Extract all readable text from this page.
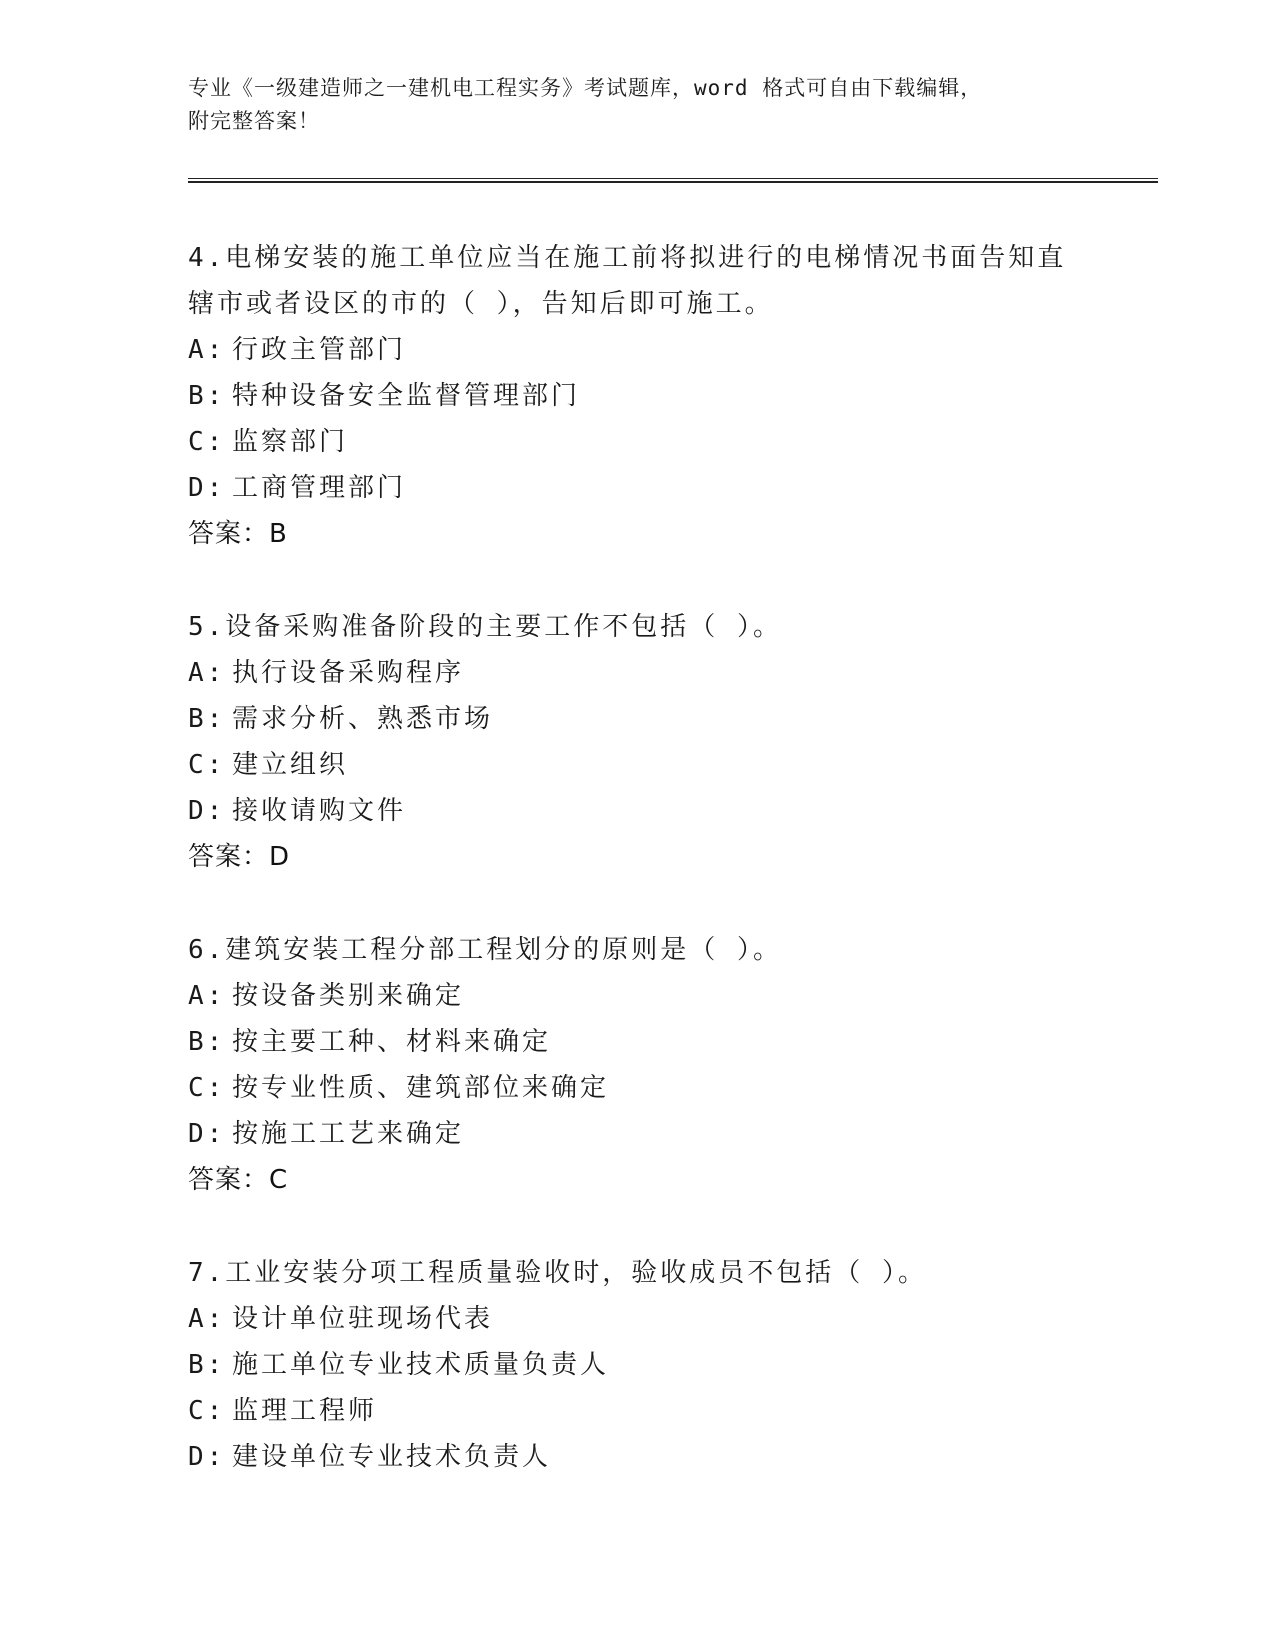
专业《一级建造师之一建机电工程实务》考试题库，word 格式可自由下载编辑，
附完整答案！

4.电梯安装的施工单位应当在施工前将拟进行的电梯情况书面告知直

辖市或者设区的市的（ ），告知后即可施工。

A: 行政主管部门

B: 特种设备安全监督管理部门

C: 监察部门

D: 工商管理部门

答案：B

5.设备采购准备阶段的主要工作不包括（ ）。

A: 执行设备采购程序

B: 需求分析、熟悉市场

C: 建立组织

D: 接收请购文件

答案：D

6.建筑安装工程分部工程划分的原则是（ ）。

A: 按设备类别来确定

B: 按主要工种、材料来确定

C: 按专业性质、建筑部位来确定

D: 按施工工艺来确定

答案：C

7.工业安装分项工程质量验收时，验收成员不包括（ ）。

A: 设计单位驻现场代表

B: 施工单位专业技术质量负责人

C: 监理工程师

D: 建设单位专业技术负责人
